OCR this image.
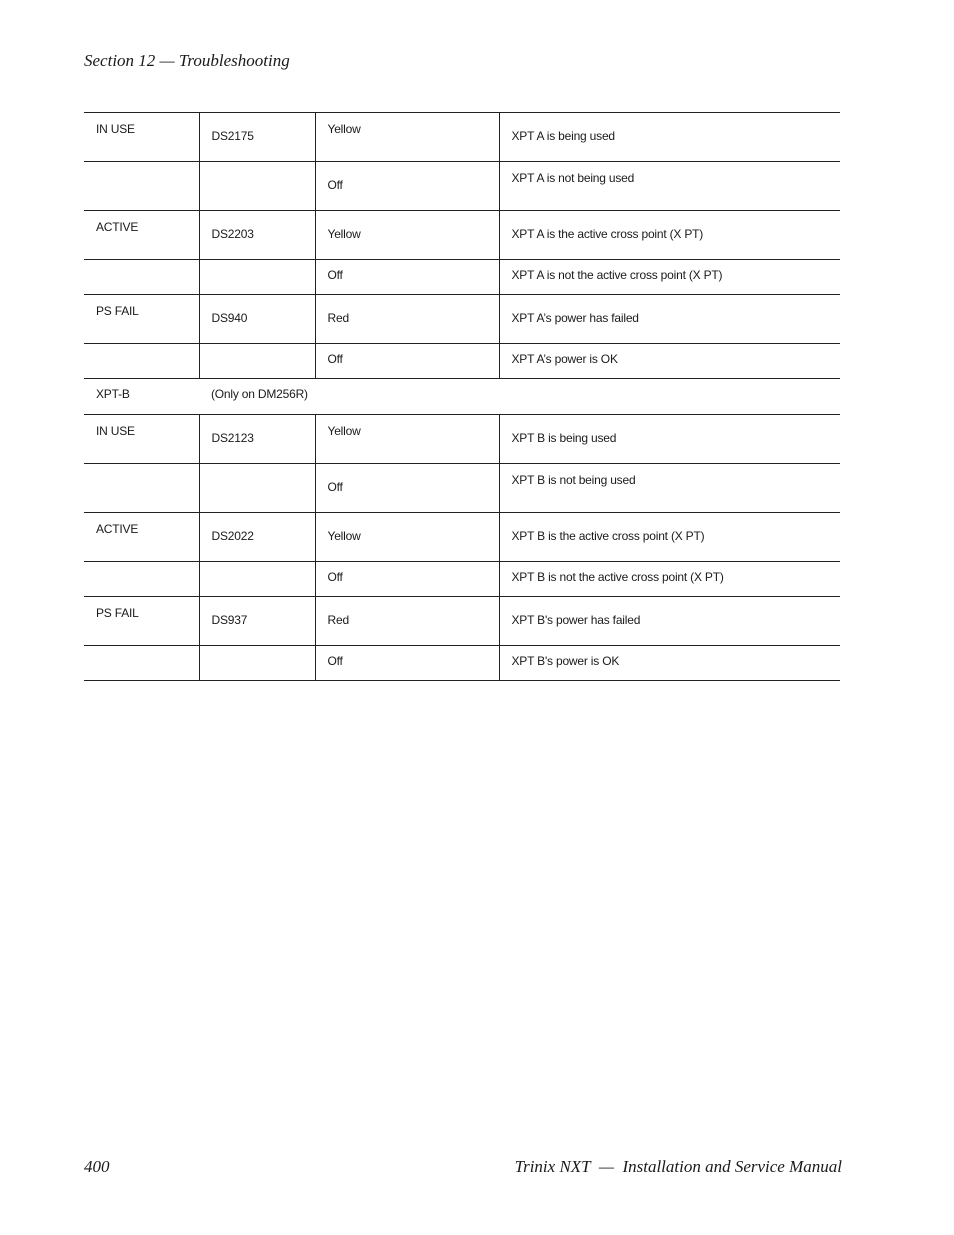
Section 12 — Troubleshooting
IN USE	DS2175	Yellow	XPT A is being used

		Off	XPT A is not being used

ACTIVE	DS2203	Yellow	XPT A is the active cross point (X PT)

		Off	XPT A is not the active cross point (X PT)

PS FAIL	DS940	Red	XPT A’s power has failed

		Off	XPT A’s power is OK

XPT-B	(Only on DM256R)		

IN USE	DS2123	Yellow	XPT B is being used

		Off	XPT B is not being used

ACTIVE	DS2022	Yellow	XPT B is the active cross point (X PT)

		Off	XPT B is not the active cross point (X PT)

PS FAIL	DS937	Red	XPT B's power has failed

		Off	XPT B's power is OK
400	Trinix NXT  —  Installation and Service Manual
